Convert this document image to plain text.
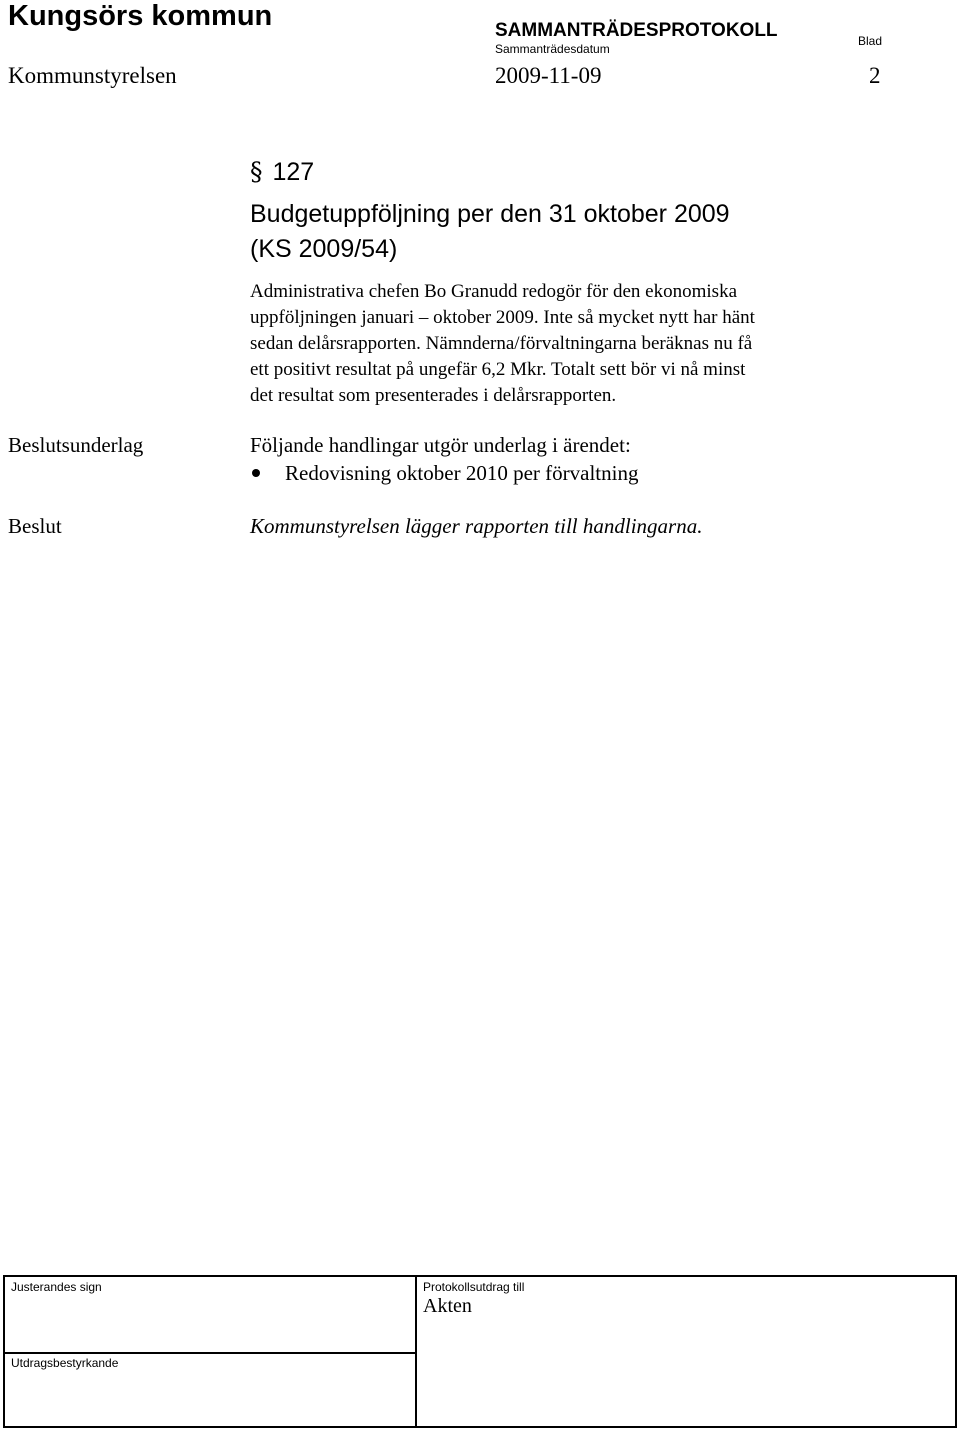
Kungsörs kommun	SAMMANTRÄDESPROTOKOLL
Sammanträdesdatum
Blad
Kommunstyrelsen	2009-11-09	2
§ 127
Budgetuppföljning per den 31 oktober 2009
(KS 2009/54)
Administrativa chefen Bo Granudd redogör för den ekonomiska
uppföljningen januari – oktober 2009. Inte så mycket nytt har hänt
sedan delårsrapporten. Nämnderna/förvaltningarna beräknas nu få
ett positivt resultat på ungefär 6,2 Mkr. Totalt sett bör vi nå minst
det resultat som presenterades i delårsrapporten.
Beslutsunderlag	Följande handlingar utgör underlag i ärendet:
Redovisning oktober 2010 per förvaltning
Beslut	Kommunstyrelsen lägger rapporten till handlingarna.
Justerandes sign	Protokollsutdrag till
Akten
Utdragsbestyrkande
